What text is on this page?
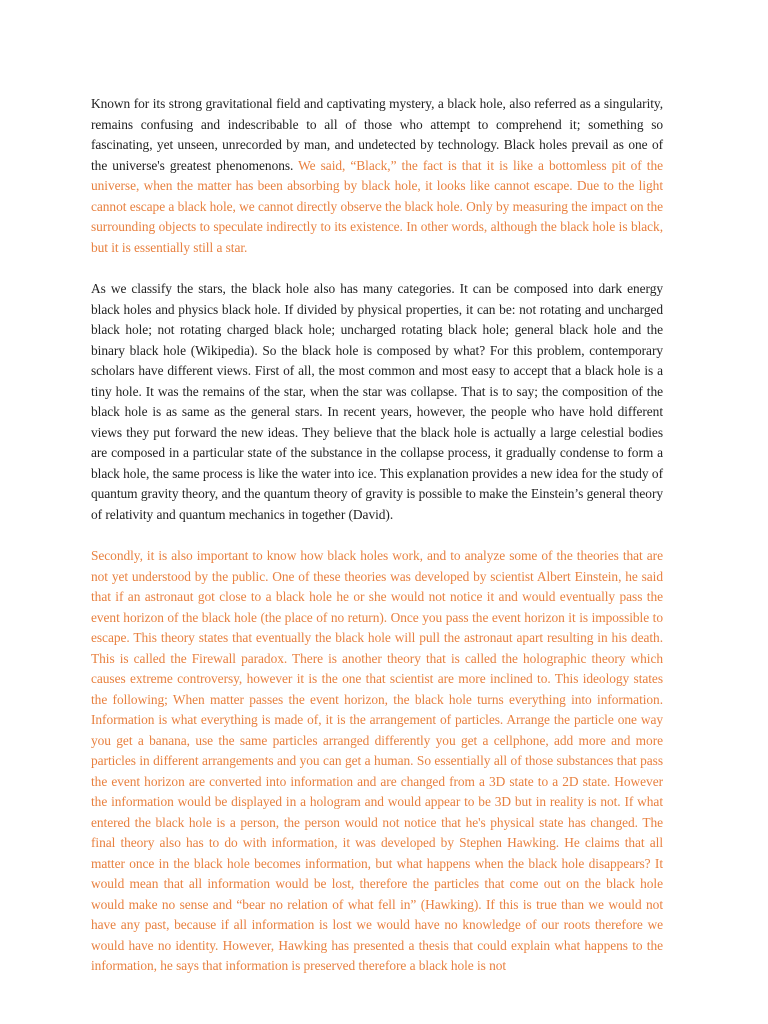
Known for its strong gravitational field and captivating mystery, a black hole, also referred as a singularity, remains confusing and indescribable to all of those who attempt to comprehend it; something so fascinating, yet unseen, unrecorded by man, and undetected by technology. Black holes prevail as one of the universe's greatest phenomenons. We said, “Black,” the fact is that it is like a bottomless pit of the universe, when the matter has been absorbing by black hole, it looks like cannot escape. Due to the light cannot escape a black hole, we cannot directly observe the black hole. Only by measuring the impact on the surrounding objects to speculate indirectly to its existence. In other words, although the black hole is black, but it is essentially still a star.

As we classify the stars, the black hole also has many categories. It can be composed into dark energy black holes and physics black hole. If divided by physical properties, it can be: not rotating and uncharged black hole; not rotating charged black hole; uncharged rotating black hole; general black hole and the binary black hole (Wikipedia). So the black hole is composed by what? For this problem, contemporary scholars have different views. First of all, the most common and most easy to accept that a black hole is a tiny hole. It was the remains of the star, when the star was collapse. That is to say; the composition of the black hole is as same as the general stars. In recent years, however, the people who have hold different views they put forward the new ideas. They believe that the black hole is actually a large celestial bodies are composed in a particular state of the substance in the collapse process, it gradually condense to form a black hole, the same process is like the water into ice. This explanation provides a new idea for the study of quantum gravity theory, and the quantum theory of gravity is possible to make the Einstein’s general theory of relativity and quantum mechanics in together (David).

Secondly, it is also important to know how black holes work, and to analyze some of the theories that are not yet understood by the public. One of these theories was developed by scientist Albert Einstein, he said that if an astronaut got close to a black hole he or she would not notice it and would eventually pass the event horizon of the black hole (the place of no return). Once you pass the event horizon it is impossible to escape. This theory states that eventually the black hole will pull the astronaut apart resulting in his death. This is called the Firewall paradox. There is another theory that is called the holographic theory which causes extreme controversy, however it is the one that scientist are more inclined to. This ideology states the following; When matter passes the event horizon, the black hole turns everything into information. Information is what everything is made of, it is the arrangement of particles. Arrange the particle one way you get a banana, use the same particles arranged differently you get a cellphone, add more and more particles in different arrangements and you can get a human. So essentially all of those substances that pass the event horizon are converted into information and are changed from a 3D state to a 2D state. However the information would be displayed in a hologram and would appear to be 3D but in reality is not. If what entered the black hole is a person, the person would not notice that he's physical state has changed. The final theory also has to do with information, it was developed by Stephen Hawking. He claims that all matter once in the black hole becomes information, but what happens when the black hole disappears? It would mean that all information would be lost, therefore the particles that come out on the black hole would make no sense and “bear no relation of what fell in” (Hawking). If this is true than we would not have any past, because if all information is lost we would have no knowledge of our roots therefore we would have no identity. However, Hawking has presented a thesis that could explain what happens to the information, he says that information is preserved therefore a black hole is not
